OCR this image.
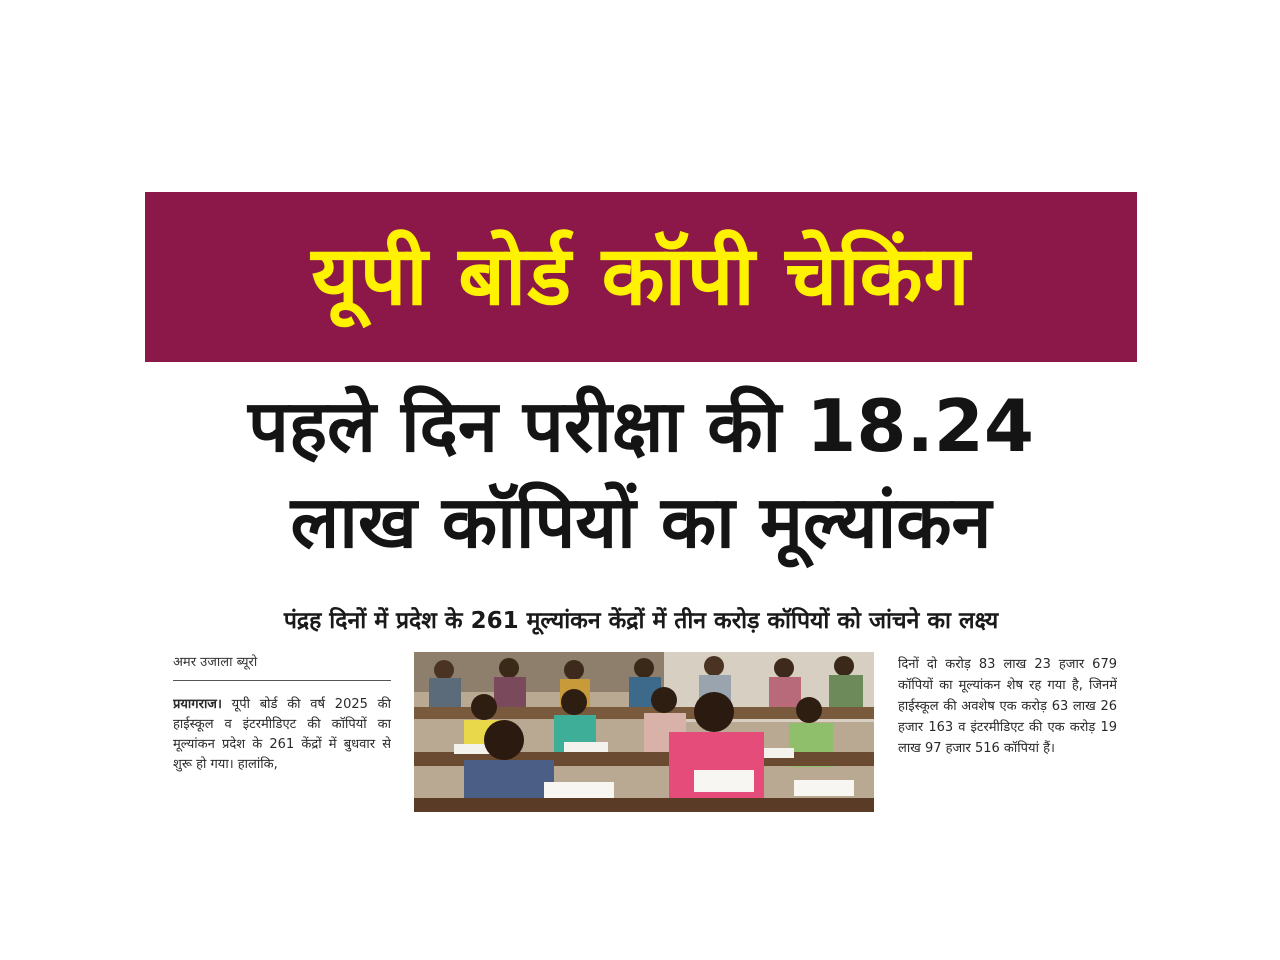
यूपी बोर्ड कॉपी चेकिंग
पहले दिन परीक्षा की 18.24
लाख कॉपियों का मूल्यांकन
पंद्रह दिनों में प्रदेश के 261 मूल्यांकन केंद्रों में तीन करोड़ कॉपियों को जांचने का लक्ष्य
अमर उजाला ब्यूरो
प्रयागराज। यूपी बोर्ड की वर्ष 2025 की हाईस्कूल व इंटरमीडिएट की कॉपियों का मूल्यांकन प्रदेश के 261 केंद्रों में बुधवार से शुरू हो गया। हालांकि,
दिनों दो करोड़ 83 लाख 23 हजार 679 कॉपियों का मूल्यांकन शेष रह गया है, जिनमें हाईस्कूल की अवशेष एक करोड़ 63 लाख 26 हजार 163 व इंटरमीडिएट की एक करोड़ 19 लाख 97 हजार 516 कॉपियां हैं।
